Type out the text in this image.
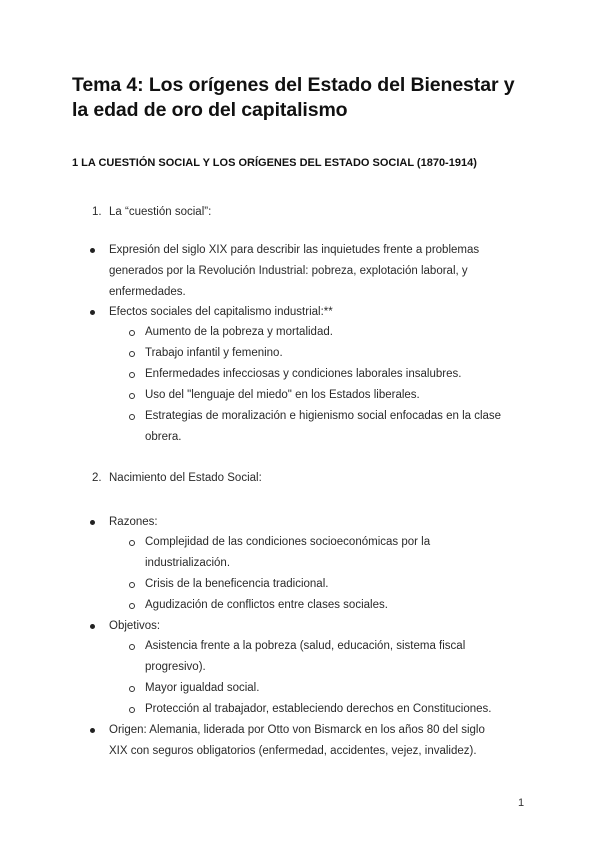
Tema 4: Los orígenes del Estado del Bienestar y
la edad de oro del capitalismo
1 LA CUESTIÓN SOCIAL Y LOS ORÍGENES DEL ESTADO SOCIAL (1870-1914)
1. La “cuestión social”:
Expresión del siglo XIX para describir las inquietudes frente a problemas
generados por la Revolución Industrial: pobreza, explotación laboral, y
enfermedades.
Efectos sociales del capitalismo industrial:**
Aumento de la pobreza y mortalidad.
Trabajo infantil y femenino.
Enfermedades infecciosas y condiciones laborales insalubres.
Uso del "lenguaje del miedo" en los Estados liberales.
Estrategias de moralización e higienismo social enfocadas en la clase
obrera.
2. Nacimiento del Estado Social:
Razones:
Complejidad de las condiciones socioeconómicas por la
industrialización.
Crisis de la beneficencia tradicional.
Agudización de conflictos entre clases sociales.
Objetivos:
Asistencia frente a la pobreza (salud, educación, sistema fiscal
progresivo).
Mayor igualdad social.
Protección al trabajador, estableciendo derechos en Constituciones.
Origen: Alemania, liderada por Otto von Bismarck en los años 80 del siglo
XIX con seguros obligatorios (enfermedad, accidentes, vejez, invalidez).
1
